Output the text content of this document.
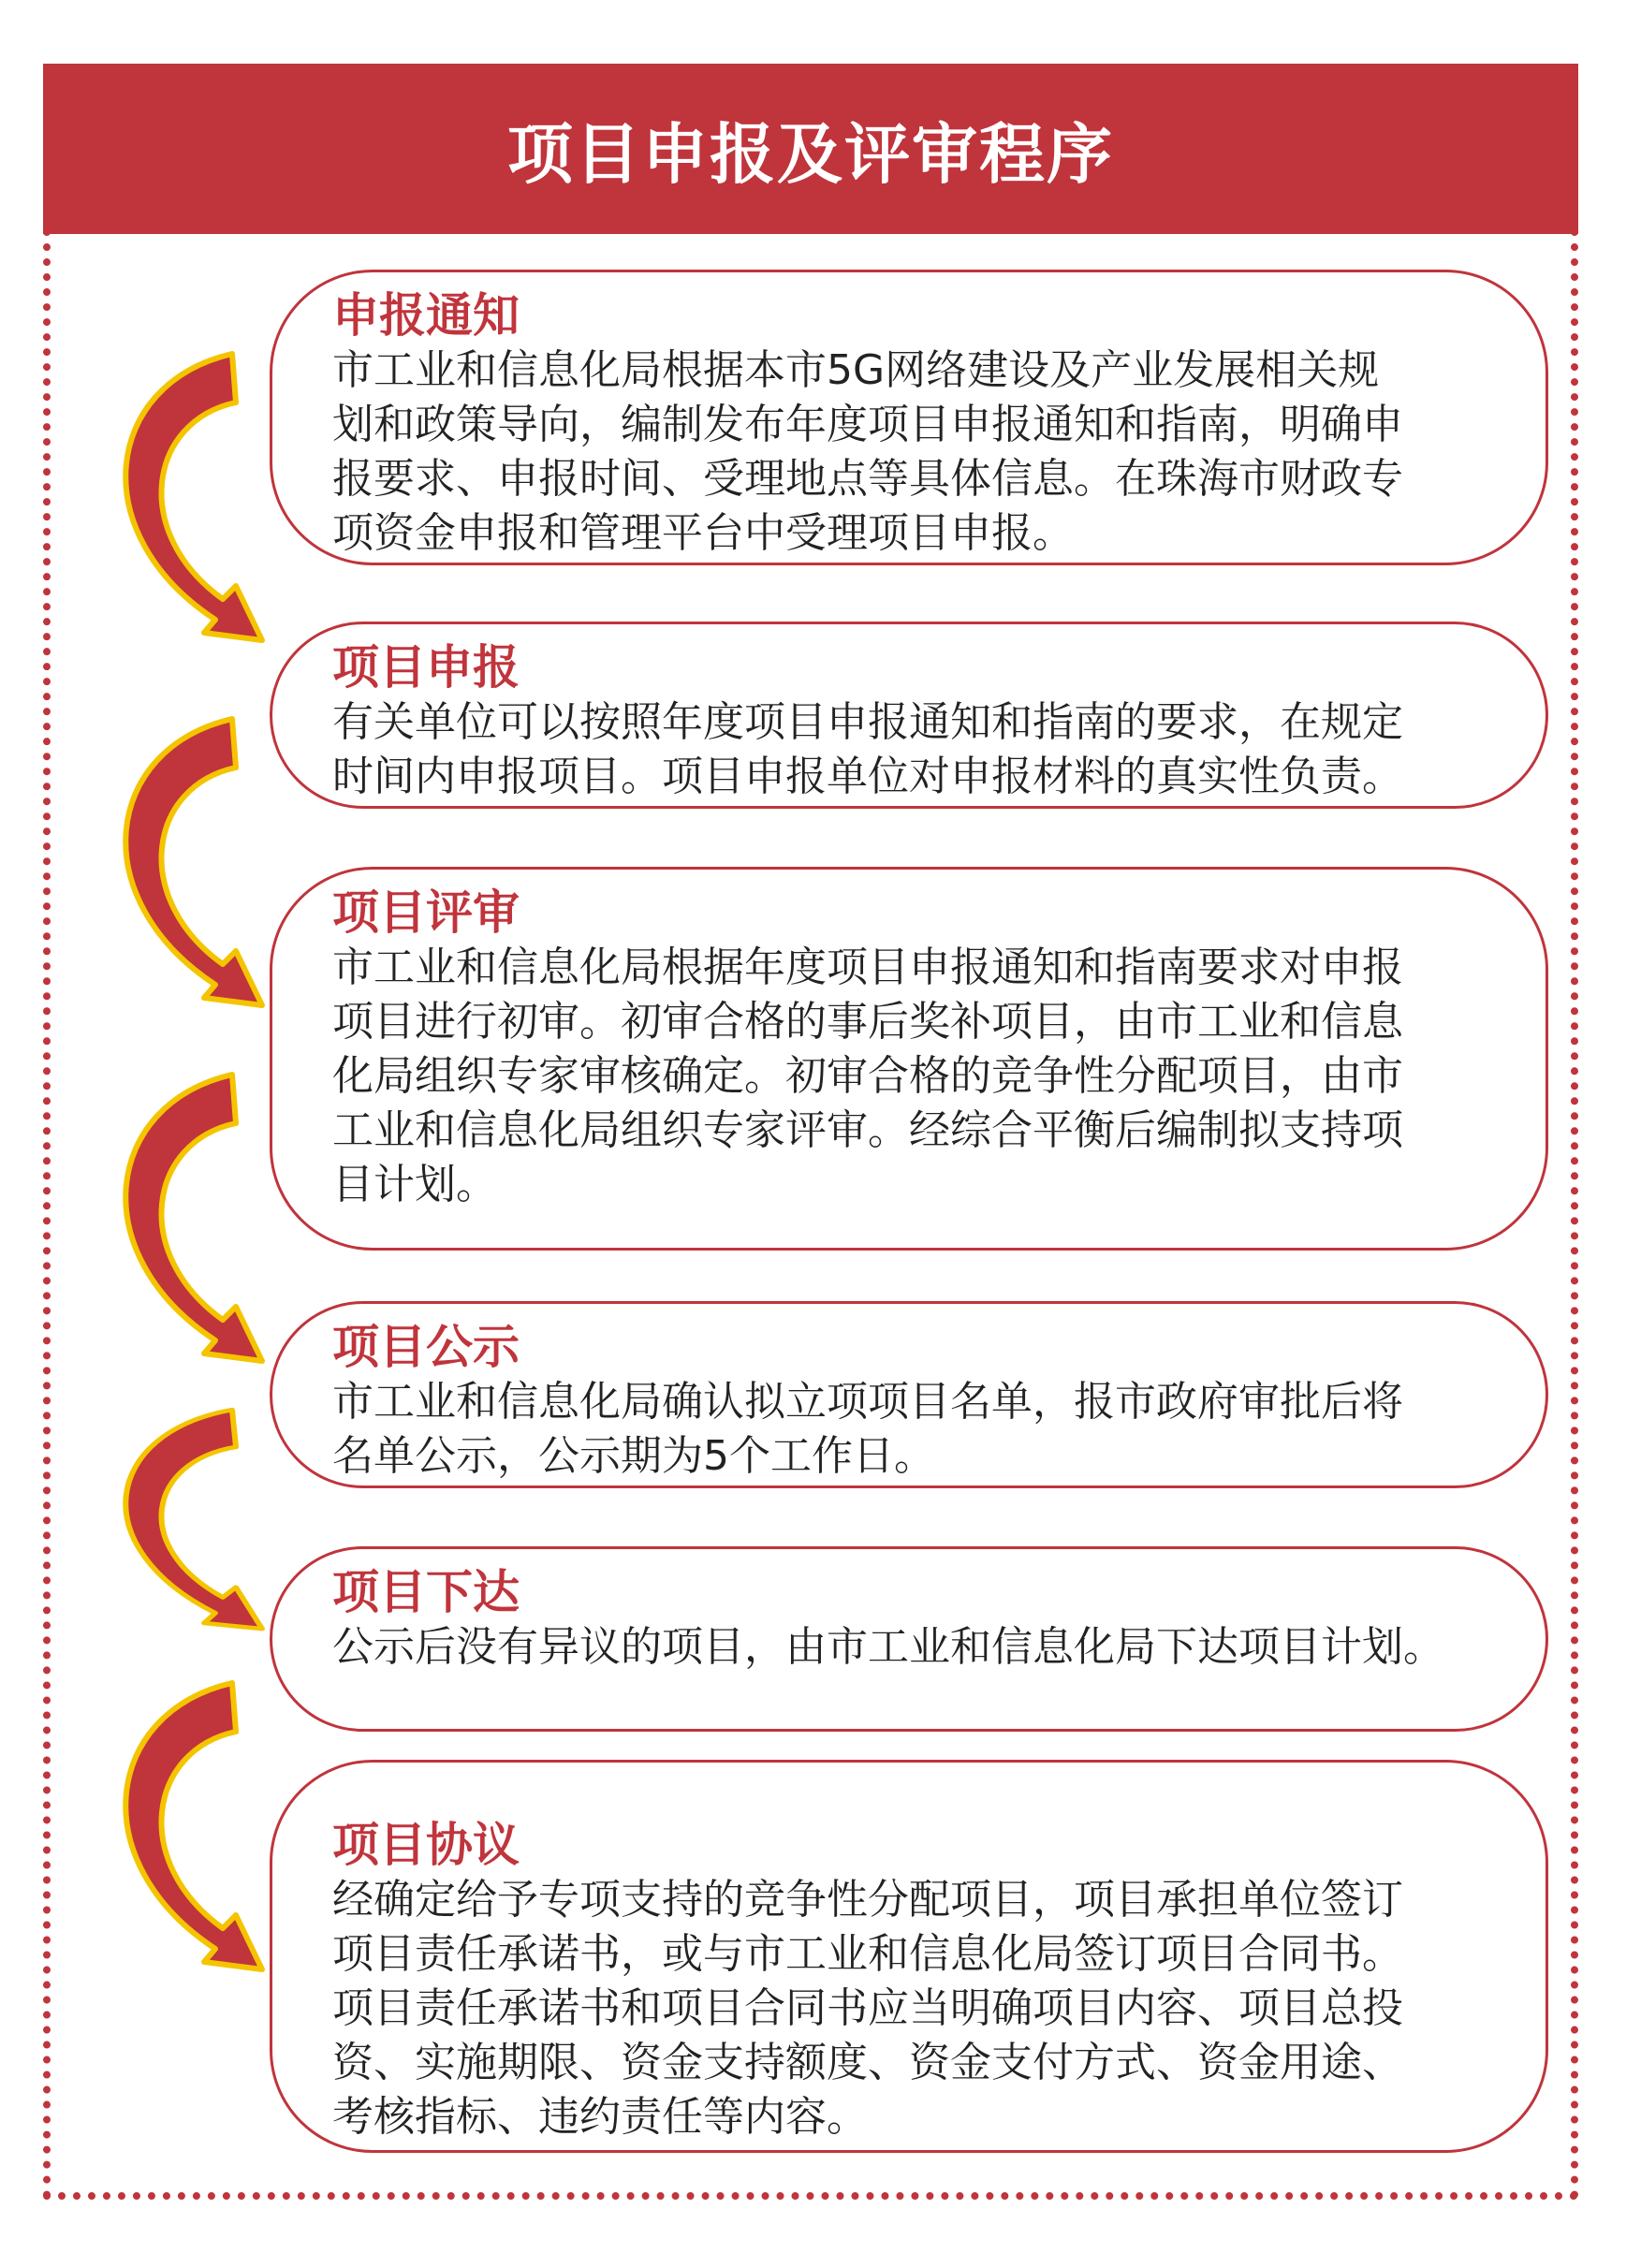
项目申报及评审程序
申报通知

市工业和信息化局根据本市5G网络建设及产业发展相关规

划和政策导向，编制发布年度项目申报通知和指南，明确申

报要求、申报时间、受理地点等具体信息。在珠海市财政专

项资金申报和管理平台中受理项目申报。

项目申报

有关单位可以按照年度项目申报通知和指南的要求，在规定

时间内申报项目。项目申报单位对申报材料的真实性负责。

项目评审

市工业和信息化局根据年度项目申报通知和指南要求对申报

项目进行初审。初审合格的事后奖补项目，由市工业和信息

化局组织专家审核确定。初审合格的竞争性分配项目，由市

工业和信息化局组织专家评审。经综合平衡后编制拟支持项

目计划。

项目公示

市工业和信息化局确认拟立项项目名单，报市政府审批后将

名单公示，公示期为5个工作日。

项目下达

公示后没有异议的项目，由市工业和信息化局下达项目计划。

项目协议

经确定给予专项支持的竞争性分配项目，项目承担单位签订

项目责任承诺书，或与市工业和信息化局签订项目合同书。

项目责任承诺书和项目合同书应当明确项目内容、项目总投

资、实施期限、资金支持额度、资金支付方式、资金用途、

考核指标、违约责任等内容。
